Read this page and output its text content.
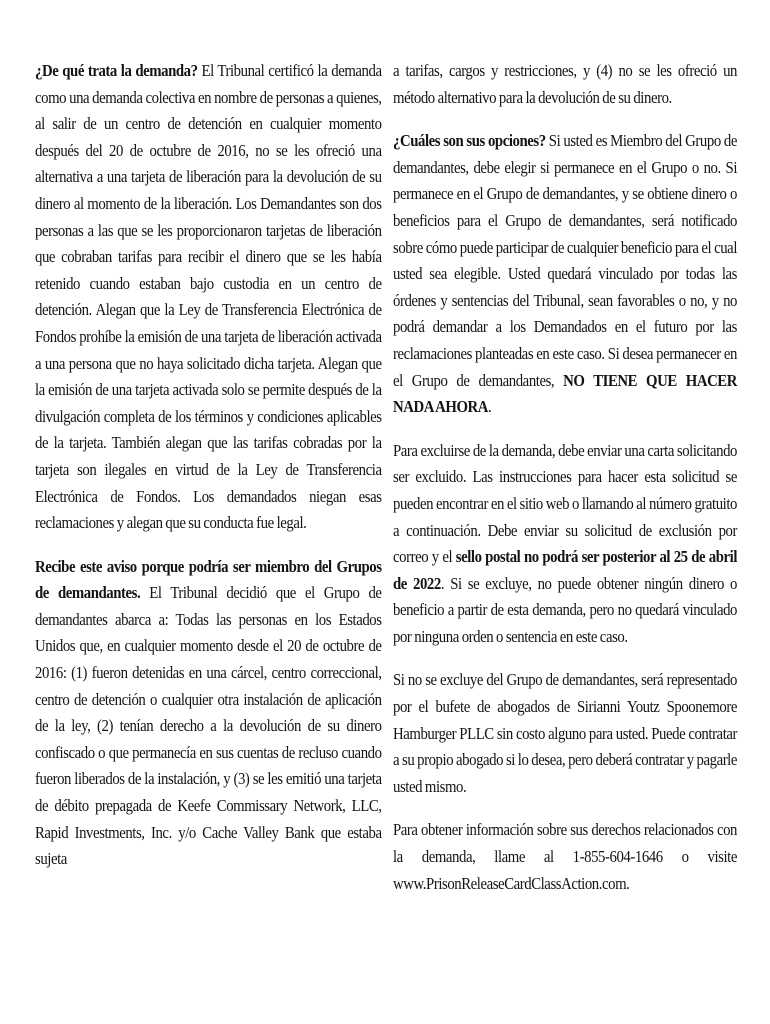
¿De qué trata la demanda? El Tribunal certificó la demanda como una demanda colectiva en nombre de personas a quienes, al salir de un centro de detención en cualquier momento después del 20 de octubre de 2016, no se les ofreció una alternativa a una tarjeta de liberación para la devolución de su dinero al momento de la liberación. Los Demandantes son dos personas a las que se les proporcionaron tarjetas de liberación que cobraban tarifas para recibir el dinero que se les había retenido cuando estaban bajo custodia en un centro de detención. Alegan que la Ley de Transferencia Electrónica de Fondos prohíbe la emisión de una tarjeta de liberación activada a una persona que no haya solicitado dicha tarjeta. Alegan que la emisión de una tarjeta activada solo se permite después de la divulgación completa de los términos y condiciones aplicables de la tarjeta. También alegan que las tarifas cobradas por la tarjeta son ilegales en virtud de la Ley de Transferencia Electrónica de Fondos. Los demandados niegan esas reclamaciones y alegan que su conducta fue legal.

Recibe este aviso porque podría ser miembro del Grupos de demandantes. El Tribunal decidió que el Grupo de demandantes abarca a: Todas las personas en los Estados Unidos que, en cualquier momento desde el 20 de octubre de 2016: (1) fueron detenidas en una cárcel, centro correccional, centro de detención o cualquier otra instalación de aplicación de la ley, (2) tenían derecho a la devolución de su dinero confiscado o que permanecía en sus cuentas de recluso cuando fueron liberados de la instalación, y (3) se les emitió una tarjeta de débito prepagada de Keefe Commissary Network, LLC, Rapid Investments, Inc. y/o Cache Valley Bank que estaba sujeta

a tarifas, cargos y restricciones, y (4) no se les ofreció un método alternativo para la devolución de su dinero.

¿Cuáles son sus opciones? Si usted es Miembro del Grupo de demandantes, debe elegir si permanece en el Grupo o no. Si permanece en el Grupo de demandantes, y se obtiene dinero o beneficios para el Grupo de demandantes, será notificado sobre cómo puede participar de cualquier beneficio para el cual usted sea elegible. Usted quedará vinculado por todas las órdenes y sentencias del Tribunal, sean favorables o no, y no podrá demandar a los Demandados en el futuro por las reclamaciones planteadas en este caso. Si desea permanecer en el Grupo de demandantes, NO TIENE QUE HACER NADA AHORA.

Para excluirse de la demanda, debe enviar una carta solicitando ser excluido. Las instrucciones para hacer esta solicitud se pueden encontrar en el sitio web o llamando al número gratuito a continuación. Debe enviar su solicitud de exclusión por correo y el sello postal no podrá ser posterior al 25 de abril de 2022. Si se excluye, no puede obtener ningún dinero o beneficio a partir de esta demanda, pero no quedará vinculado por ninguna orden o sentencia en este caso.

Si no se excluye del Grupo de demandantes, será representado por el bufete de abogados de Sirianni Youtz Spoonemore Hamburger PLLC sin costo alguno para usted. Puede contratar a su propio abogado si lo desea, pero deberá contratar y pagarle usted mismo.

Para obtener información sobre sus derechos relacionados con la demanda, llame al 1-855-604-1646 o visite www.PrisonReleaseCardClassAction.com.
